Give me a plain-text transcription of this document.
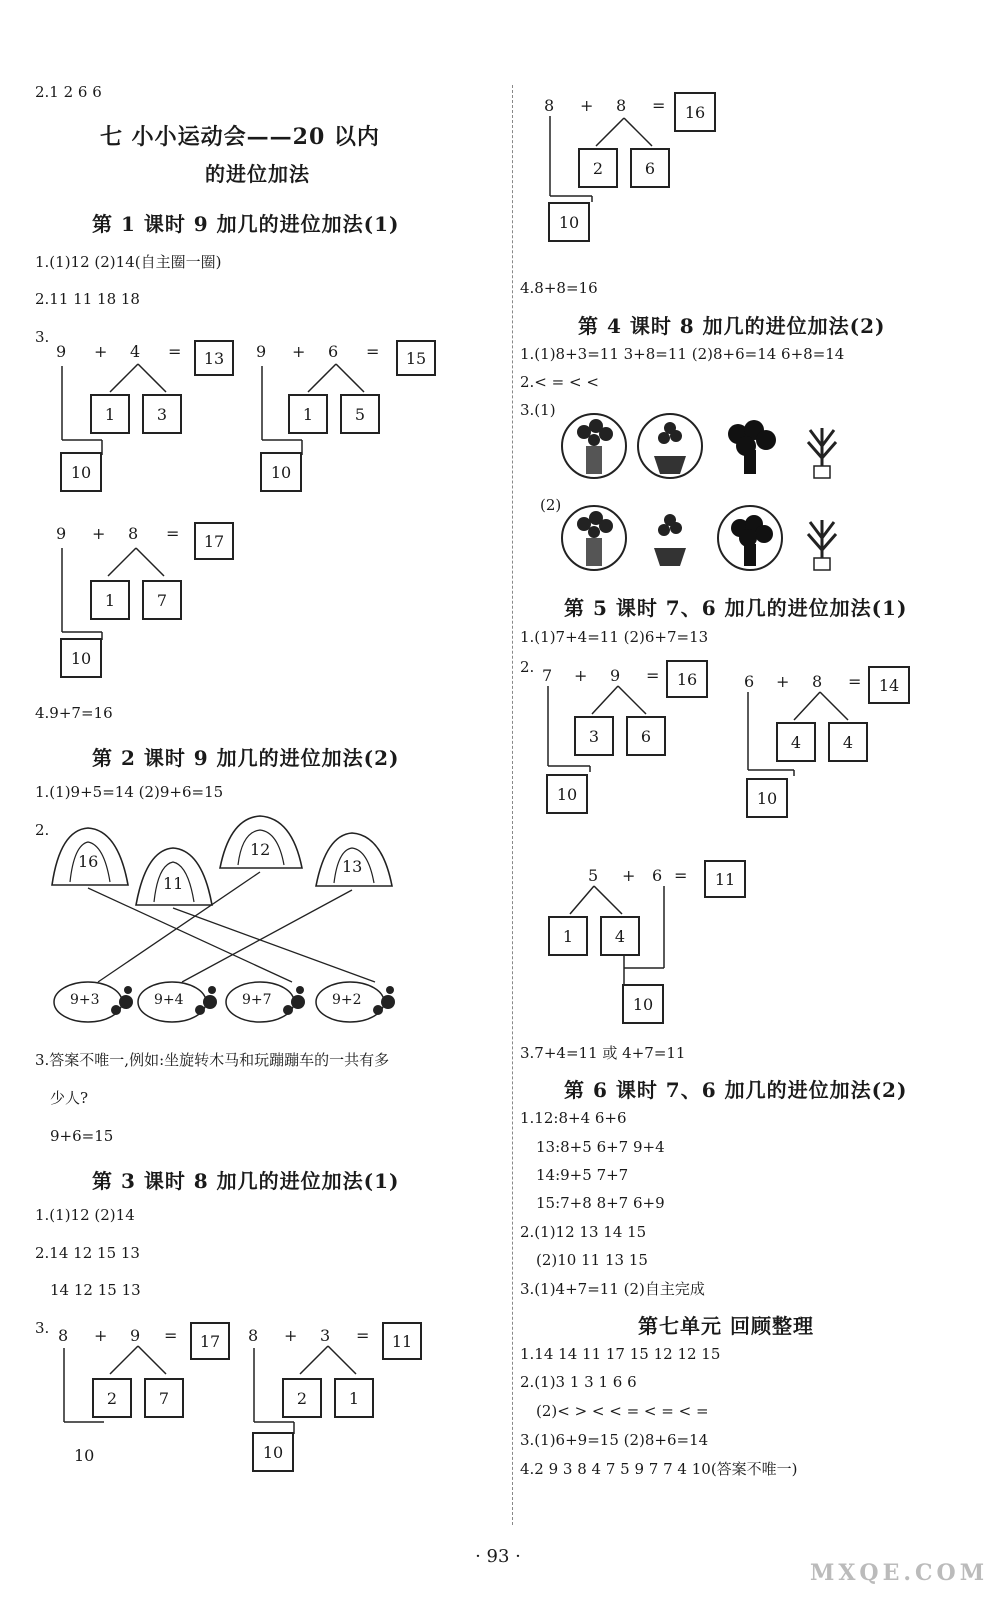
2.1 2 6 6
七 小小运动会——20 以内
的进位加法
第 1 课时 9 加几的进位加法(1)
1.(1)12 (2)14(自主圈一圈)
2.11 11 18 18
3.
9 + 4 =	13
1	3
10
9 + 6 =	15
1	5
10
9 + 8 =	17
1	7
10
4.9+7=16
第 2 课时 9 加几的进位加法(2)
1.(1)9+5=14 (2)9+6=15
2.
16
11
12
13
9+3	9+4	9+7	9+2
3.答案不唯一,例如:坐旋转木马和玩蹦蹦车的一共有多
少人?
9+6=15
第 3 课时 8 加几的进位加法(1)
1.(1)12 (2)14
2.14 12 15 13
14 12 15 13
3. 8 + 9 =	17
2	7
10
8 + 3 =	11
2	1
10
8 + 8 =	16
2	6
10
4.8+8=16
第 4 课时 8 加几的进位加法(2)
1.(1)8+3=11 3+8=11 (2)8+6=14 6+8=14
2.< = < <
3.(1)
(2)
第 5 课时 7、6 加几的进位加法(1)
1.(1)7+4=11 (2)6+7=13
2. 7 + 9 =	16
3	6
10
6 + 8 =	14
4	4
10
5 + 6 =	11
1	4
10
3.7+4=11 或 4+7=11
第 6 课时 7、6 加几的进位加法(2)
1.12:8+4 6+6
13:8+5 6+7 9+4
14:9+5 7+7
15:7+8 8+7 6+9
2.(1)12 13 14 15
(2)10 11 13 15
3.(1)4+7=11 (2)自主完成
第七单元 回顾整理
1.14 14 11 17 15 12 12 15
2.(1)3 1 3 1 6 6
(2)< > < < = < = < =
3.(1)6+9=15 (2)8+6=14
4.2 9 3 8 4 7 5 9 7 7 4 10(答案不唯一)
· 93 ·
MXQE.COM
